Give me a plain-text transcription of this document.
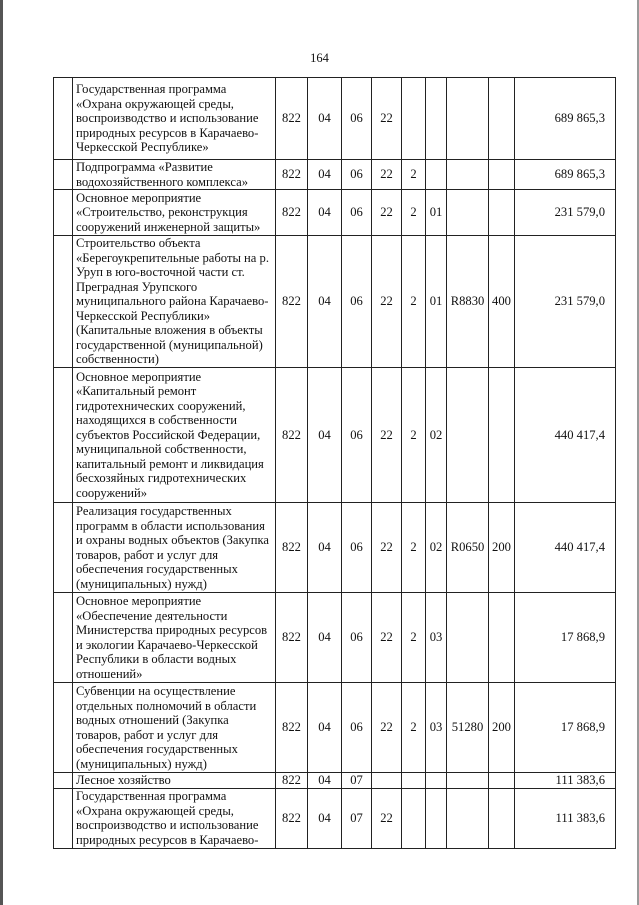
164
	Государственная программа «Охрана окружающей среды, воспроизводство и использование природных ресурсов в Карачаево-Черкесской Республике»	822	04	06	22					689 865,3
	Подпрограмма «Развитие водохозяйственного комплекса»	822	04	06	22	2				689 865,3
	Основное мероприятие «Строительство, реконструкция сооружений инженерной защиты»	822	04	06	22	2	01			231 579,0
	Строительство объекта «Берегоукрепительные работы на р. Уруп в юго-восточной части ст. Преградная Урупского муниципального района Карачаево-Черкесской Республики» (Капитальные вложения в объекты государственной (муниципальной) собственности)	822	04	06	22	2	01	R8830	400	231 579,0
	Основное мероприятие «Капитальный ремонт гидротехнических сооружений, находящихся в собственности субъектов Российской Федерации, муниципальной собственности, капитальный ремонт и ликвидация бесхозяйных гидротехнических сооружений»	822	04	06	22	2	02			440 417,4
	Реализация государственных программ в области использования и охраны водных объектов (Закупка товаров, работ и услуг для обеспечения государственных (муниципальных) нужд)	822	04	06	22	2	02	R0650	200	440 417,4
	Основное мероприятие «Обеспечение деятельности Министерства природных ресурсов и экологии Карачаево-Черкесской Республики в области водных отношений»	822	04	06	22	2	03			17 868,9
	Субвенции на осуществление отдельных полномочий в области водных отношений (Закупка товаров, работ и услуг для обеспечения государственных (муниципальных) нужд)	822	04	06	22	2	03	51280	200	17 868,9
	Лесное хозяйство	822	04	07						111 383,6
	Государственная программа «Охрана окружающей среды, воспроизводство и использование природных ресурсов в Карачаево-	822	04	07	22					111 383,6
